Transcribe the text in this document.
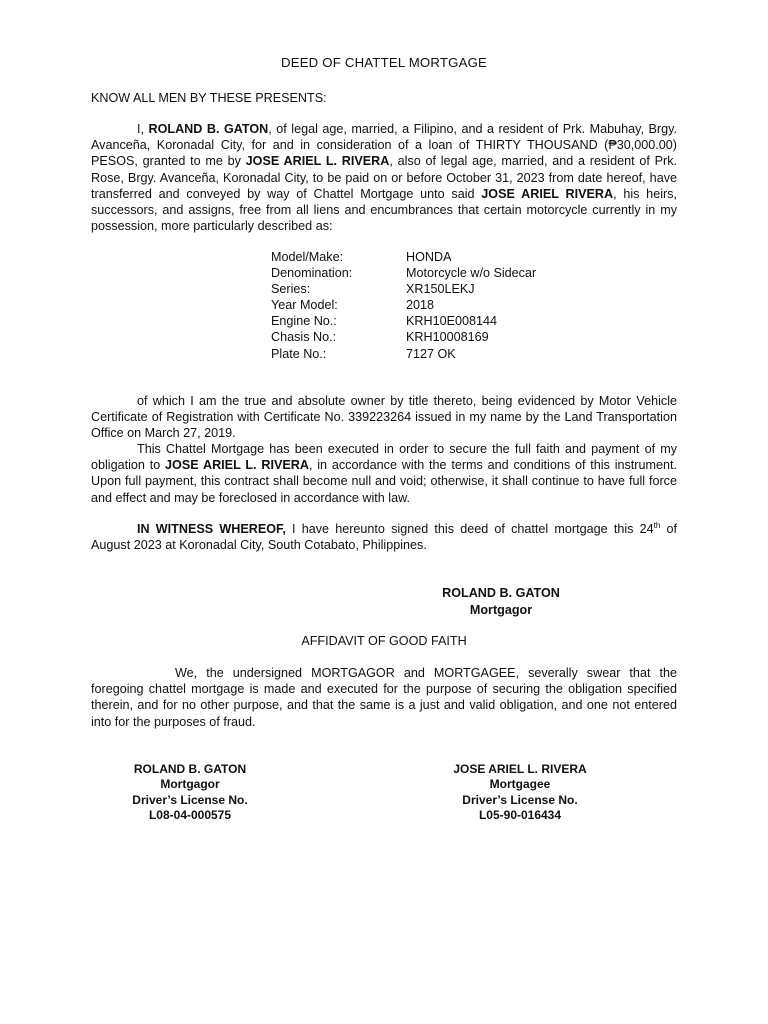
DEED OF CHATTEL MORTGAGE
KNOW ALL MEN BY THESE PRESENTS:

I, ROLAND B. GATON, of legal age, married, a Filipino, and a resident of Prk. Mabuhay, Brgy. Avanceña, Koronadal City, for and in consideration of a loan of THIRTY THOUSAND (₱30,000.00) PESOS, granted to me by JOSE ARIEL L. RIVERA, also of legal age, married, and a resident of Prk. Rose, Brgy. Avanceña, Koronadal City, to be paid on or before October 31, 2023 from date hereof, have transferred and conveyed by way of Chattel Mortgage unto said JOSE ARIEL RIVERA, his heirs, successors, and assigns, free from all liens and encumbrances that certain motorcycle currently in my possession, more particularly described as:

Model/Make:	HONDA
Denomination:	Motorcycle w/o Sidecar
Series:	XR150LEKJ
Year Model:	2018
Engine No.:	KRH10E008144
Chasis No.:	KRH10008169
Plate No.:	7127 OK

of which I am the true and absolute owner by title thereto, being evidenced by Motor Vehicle Certificate of Registration with Certificate No. 339223264 issued in my name by the Land Transportation Office on March 27, 2019.

This Chattel Mortgage has been executed in order to secure the full faith and payment of my obligation to JOSE ARIEL L. RIVERA, in accordance with the terms and conditions of this instrument. Upon full payment, this contract shall become null and void; otherwise, it shall continue to have full force and effect and may be foreclosed in accordance with law.

IN WITNESS WHEREOF, I have hereunto signed this deed of chattel mortgage this 24th of August 2023 at Koronadal City, South Cotabato, Philippines.

ROLAND B. GATON
Mortgagor
AFFIDAVIT OF GOOD FAITH

We, the undersigned MORTGAGOR and MORTGAGEE, severally swear that the foregoing chattel mortgage is made and executed for the purpose of securing the obligation specified therein, and for no other purpose, and that the same is a just and valid obligation, and one not entered into for the purposes of fraud.

ROLAND B. GATON
Mortgagor
Driver’s License No.
L08-04-000575
JOSE ARIEL L. RIVERA
Mortgagee
Driver’s License No.
L05-90-016434
